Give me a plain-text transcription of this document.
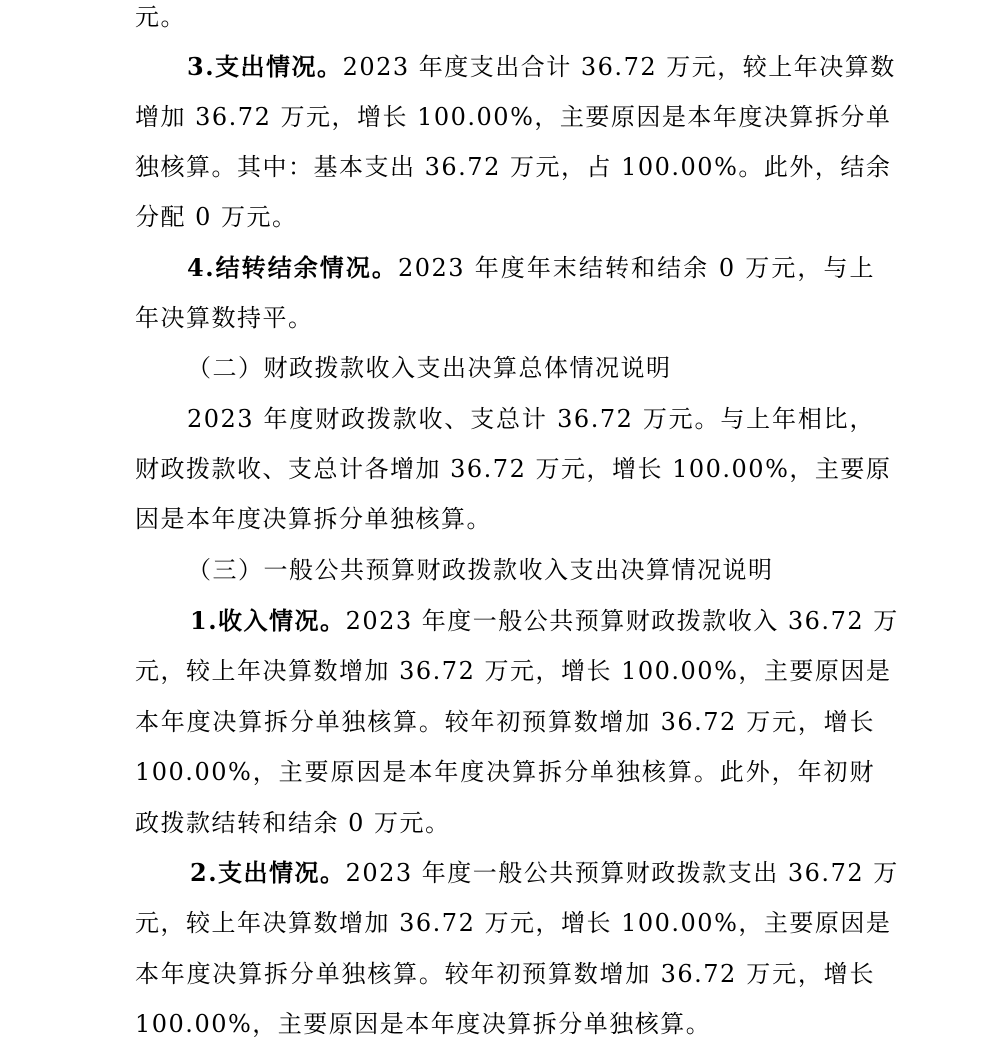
元。
3.支出情况。2023 年度支出合计 36.72 万元，较上年决算数
增加 36.72 万元，增长 100.00%，主要原因是本年度决算拆分单
独核算。其中：基本支出 36.72 万元，占 100.00%。此外，结余
分配 0 万元。
4.结转结余情况。2023 年度年末结转和结余 0 万元，与上
年决算数持平。
（二）财政拨款收入支出决算总体情况说明
2023 年度财政拨款收、支总计 36.72 万元。与上年相比，
财政拨款收、支总计各增加 36.72 万元，增长 100.00%，主要原
因是本年度决算拆分单独核算。
（三）一般公共预算财政拨款收入支出决算情况说明
1.收入情况。2023 年度一般公共预算财政拨款收入 36.72 万
元，较上年决算数增加 36.72 万元，增长 100.00%，主要原因是
本年度决算拆分单独核算。较年初预算数增加 36.72 万元，增长
100.00%，主要原因是本年度决算拆分单独核算。此外，年初财
政拨款结转和结余 0 万元。
2.支出情况。2023 年度一般公共预算财政拨款支出 36.72 万
元，较上年决算数增加 36.72 万元，增长 100.00%，主要原因是
本年度决算拆分单独核算。较年初预算数增加 36.72 万元，增长
100.00%，主要原因是本年度决算拆分单独核算。
